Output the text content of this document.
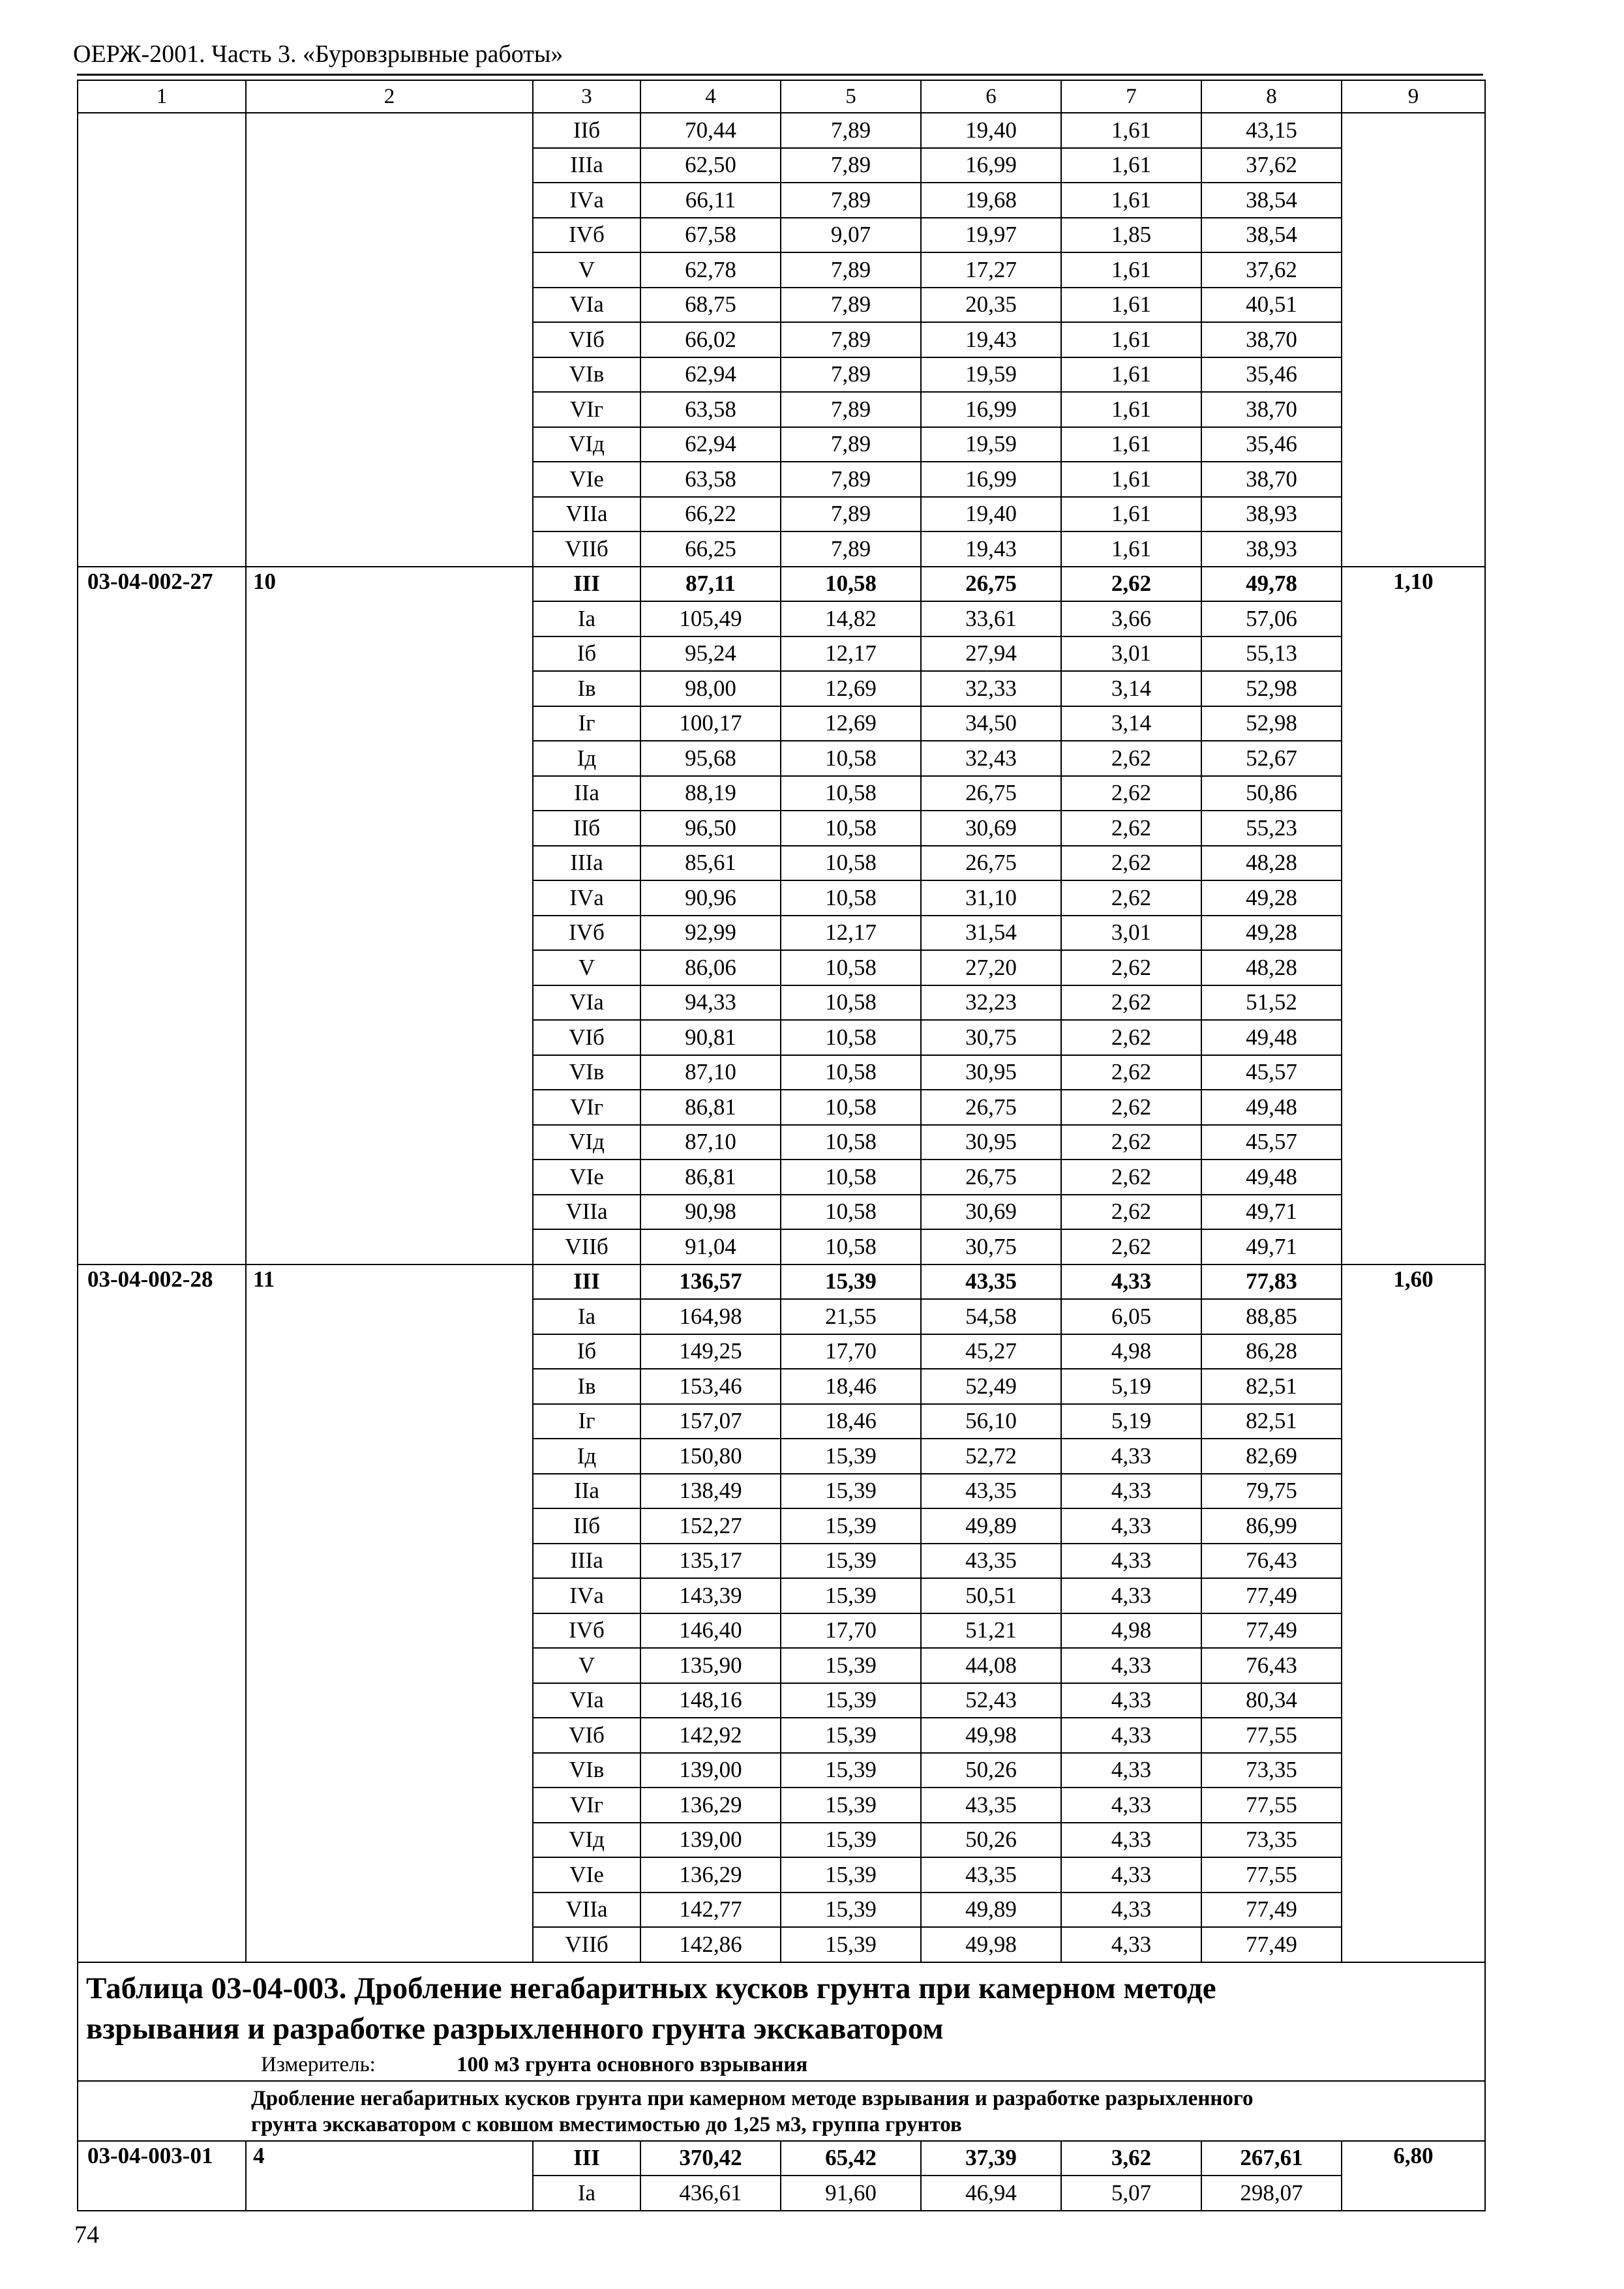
ОЕРЖ-2001. Часть 3. «Буровзрывные работы»
1	2	3	4	5	6	7	8	9
		IIб	70,44	7,89	19,40	1,61	43,15	
		IIIа	62,50	7,89	16,99	1,61	37,62	
		IVа	66,11	7,89	19,68	1,61	38,54	
		IVб	67,58	9,07	19,97	1,85	38,54	
		V	62,78	7,89	17,27	1,61	37,62	
		VIа	68,75	7,89	20,35	1,61	40,51	
		VIб	66,02	7,89	19,43	1,61	38,70	
		VIв	62,94	7,89	19,59	1,61	35,46	
		VIг	63,58	7,89	16,99	1,61	38,70	
		VIд	62,94	7,89	19,59	1,61	35,46	
		VIе	63,58	7,89	16,99	1,61	38,70	
		VIIа	66,22	7,89	19,40	1,61	38,93	
		VIIб	66,25	7,89	19,43	1,61	38,93	
03-04-002-27	10	III	87,11	10,58	26,75	2,62	49,78	1,10
		Iа	105,49	14,82	33,61	3,66	57,06	
		Iб	95,24	12,17	27,94	3,01	55,13	
		Iв	98,00	12,69	32,33	3,14	52,98	
		Iг	100,17	12,69	34,50	3,14	52,98	
		Iд	95,68	10,58	32,43	2,62	52,67	
		IIа	88,19	10,58	26,75	2,62	50,86	
		IIб	96,50	10,58	30,69	2,62	55,23	
		IIIа	85,61	10,58	26,75	2,62	48,28	
		IVа	90,96	10,58	31,10	2,62	49,28	
		IVб	92,99	12,17	31,54	3,01	49,28	
		V	86,06	10,58	27,20	2,62	48,28	
		VIа	94,33	10,58	32,23	2,62	51,52	
		VIб	90,81	10,58	30,75	2,62	49,48	
		VIв	87,10	10,58	30,95	2,62	45,57	
		VIг	86,81	10,58	26,75	2,62	49,48	
		VIд	87,10	10,58	30,95	2,62	45,57	
		VIе	86,81	10,58	26,75	2,62	49,48	
		VIIа	90,98	10,58	30,69	2,62	49,71	
		VIIб	91,04	10,58	30,75	2,62	49,71	
03-04-002-28	11	III	136,57	15,39	43,35	4,33	77,83	1,60
		Iа	164,98	21,55	54,58	6,05	88,85	
		Iб	149,25	17,70	45,27	4,98	86,28	
		Iв	153,46	18,46	52,49	5,19	82,51	
		Iг	157,07	18,46	56,10	5,19	82,51	
		Iд	150,80	15,39	52,72	4,33	82,69	
		IIа	138,49	15,39	43,35	4,33	79,75	
		IIб	152,27	15,39	49,89	4,33	86,99	
		IIIа	135,17	15,39	43,35	4,33	76,43	
		IVа	143,39	15,39	50,51	4,33	77,49	
		IVб	146,40	17,70	51,21	4,98	77,49	
		V	135,90	15,39	44,08	4,33	76,43	
		VIа	148,16	15,39	52,43	4,33	80,34	
		VIб	142,92	15,39	49,98	4,33	77,55	
		VIв	139,00	15,39	50,26	4,33	73,35	
		VIг	136,29	15,39	43,35	4,33	77,55	
		VIд	139,00	15,39	50,26	4,33	73,35	
		VIе	136,29	15,39	43,35	4,33	77,55	
		VIIа	142,77	15,39	49,89	4,33	77,49	
		VIIб	142,86	15,39	49,98	4,33	77,49	

Таблица 03-04-003. Дробление негабаритных кусков грунта при камерном методе
взрывания и разработке разрыхленного грунта экскаватором
Измеритель: 100 м3 грунта основного взрывания								

Дробление негабаритных кусков грунта при камерном методе взрывания и разработке разрыхленного
грунта экскаватором с ковшом вместимостью до 1,25 м3, группа грунтов								

03-04-003-01	4	III	370,42	65,42	37,39	3,62	267,61	6,80
		Iа	436,61	91,60	46,94	5,07	298,07	
74
